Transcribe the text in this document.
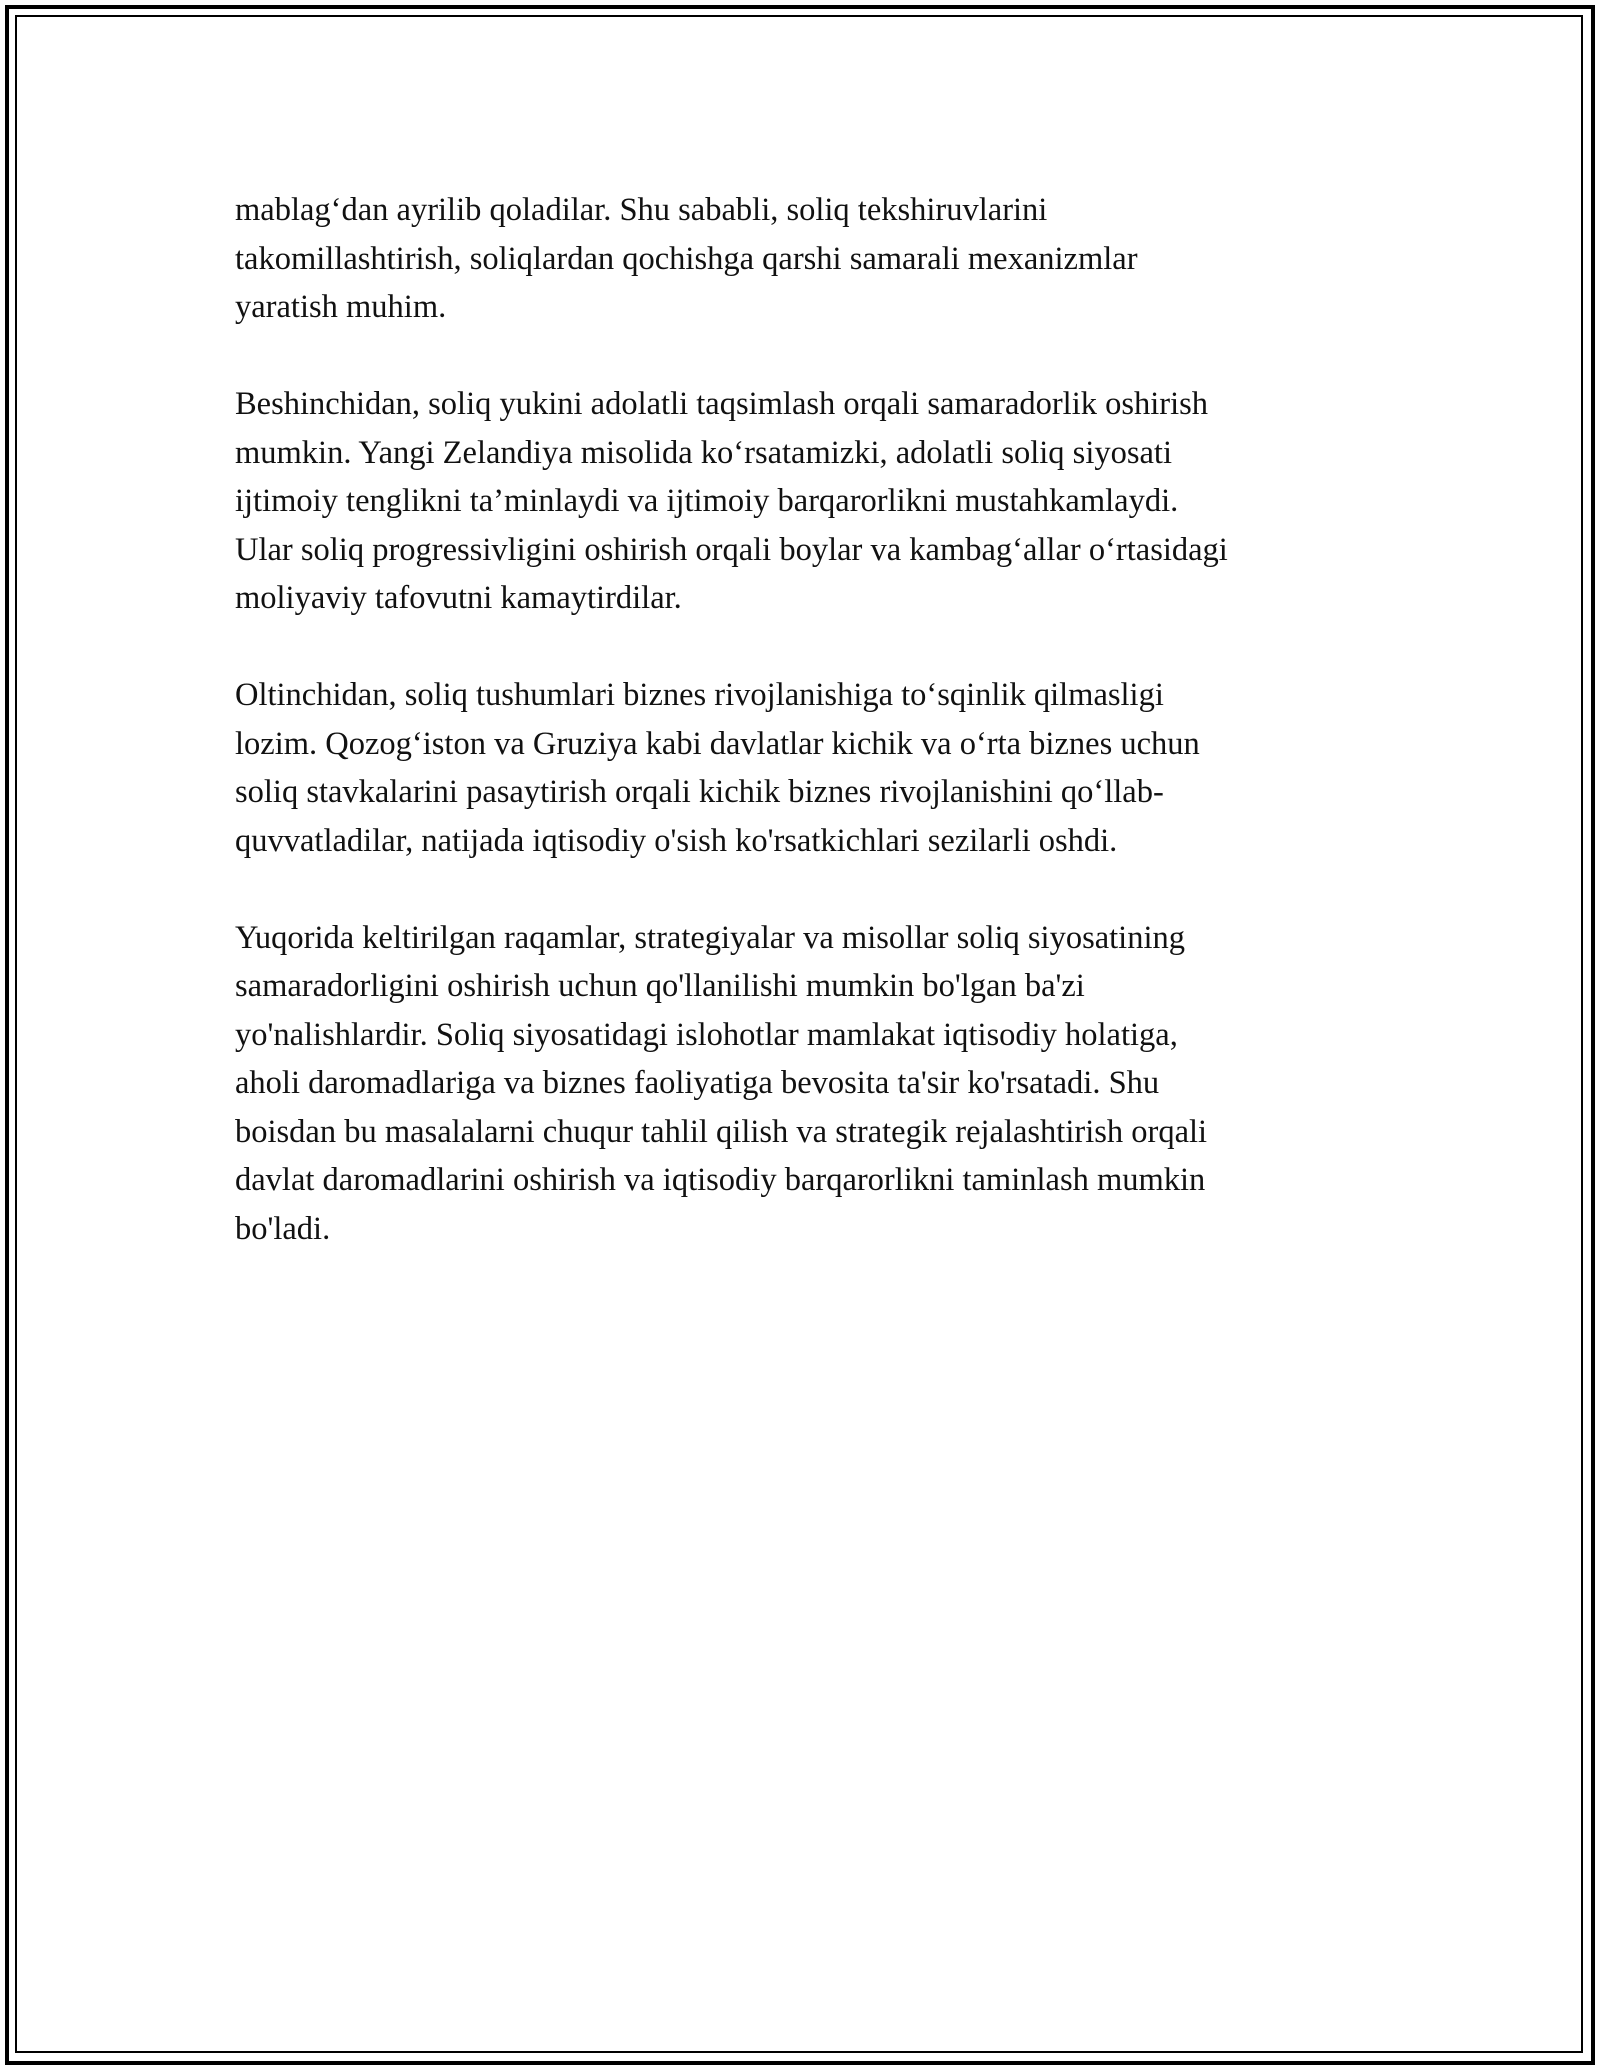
mablag‘dan ayrilib qoladilar. Shu sababli, soliq tekshiruvlarini
takomillashtirish, soliqlardan qochishga qarshi samarali mexanizmlar
yaratish muhim.

Beshinchidan, soliq yukini adolatli taqsimlash orqali samaradorlik oshirish
mumkin. Yangi Zelandiya misolida ko‘rsatamizki, adolatli soliq siyosati
ijtimoiy tenglikni ta’minlaydi va ijtimoiy barqarorlikni mustahkamlaydi.
Ular soliq progressivligini oshirish orqali boylar va kambag‘allar o‘rtasidagi
moliyaviy tafovutni kamaytirdilar.

Oltinchidan, soliq tushumlari biznes rivojlanishiga to‘sqinlik qilmasligi
lozim. Qozog‘iston va Gruziya kabi davlatlar kichik va o‘rta biznes uchun
soliq stavkalarini pasaytirish orqali kichik biznes rivojlanishini qo‘llab-
quvvatladilar, natijada iqtisodiy o'sish ko'rsatkichlari sezilarli oshdi.

Yuqorida keltirilgan raqamlar, strategiyalar va misollar soliq siyosatining
samaradorligini oshirish uchun qo'llanilishi mumkin bo'lgan ba'zi
yo'nalishlardir. Soliq siyosatidagi islohotlar mamlakat iqtisodiy holatiga,
aholi daromadlariga va biznes faoliyatiga bevosita ta'sir ko'rsatadi. Shu
boisdan bu masalalarni chuqur tahlil qilish va strategik rejalashtirish orqali
davlat daromadlarini oshirish va iqtisodiy barqarorlikni taminlash mumkin
bo'ladi.
